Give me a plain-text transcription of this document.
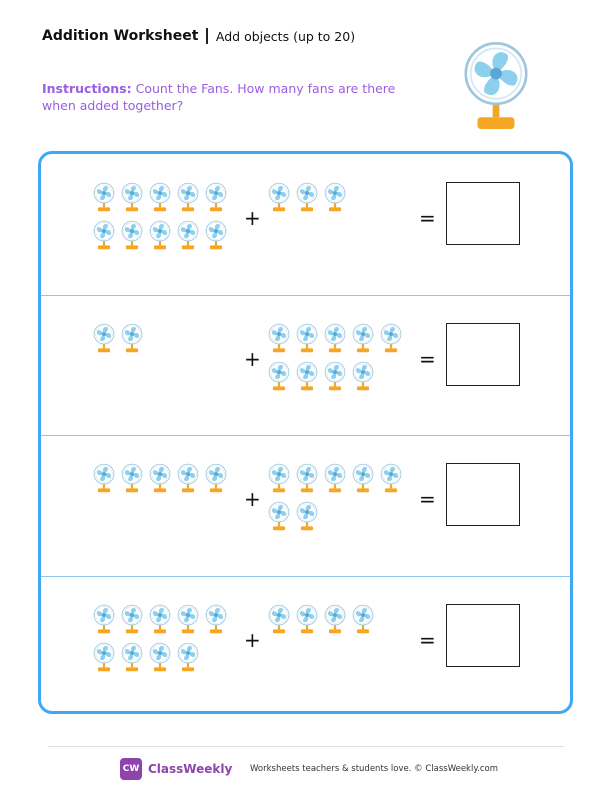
Addition Worksheet Add objects (up to 20)
Instructions: Count the Fans. How many fans are there when added together?
+	=
+	=
+	=
+	=
CW ClassWeekly Worksheets teachers & students love. © ClassWeekly.com
